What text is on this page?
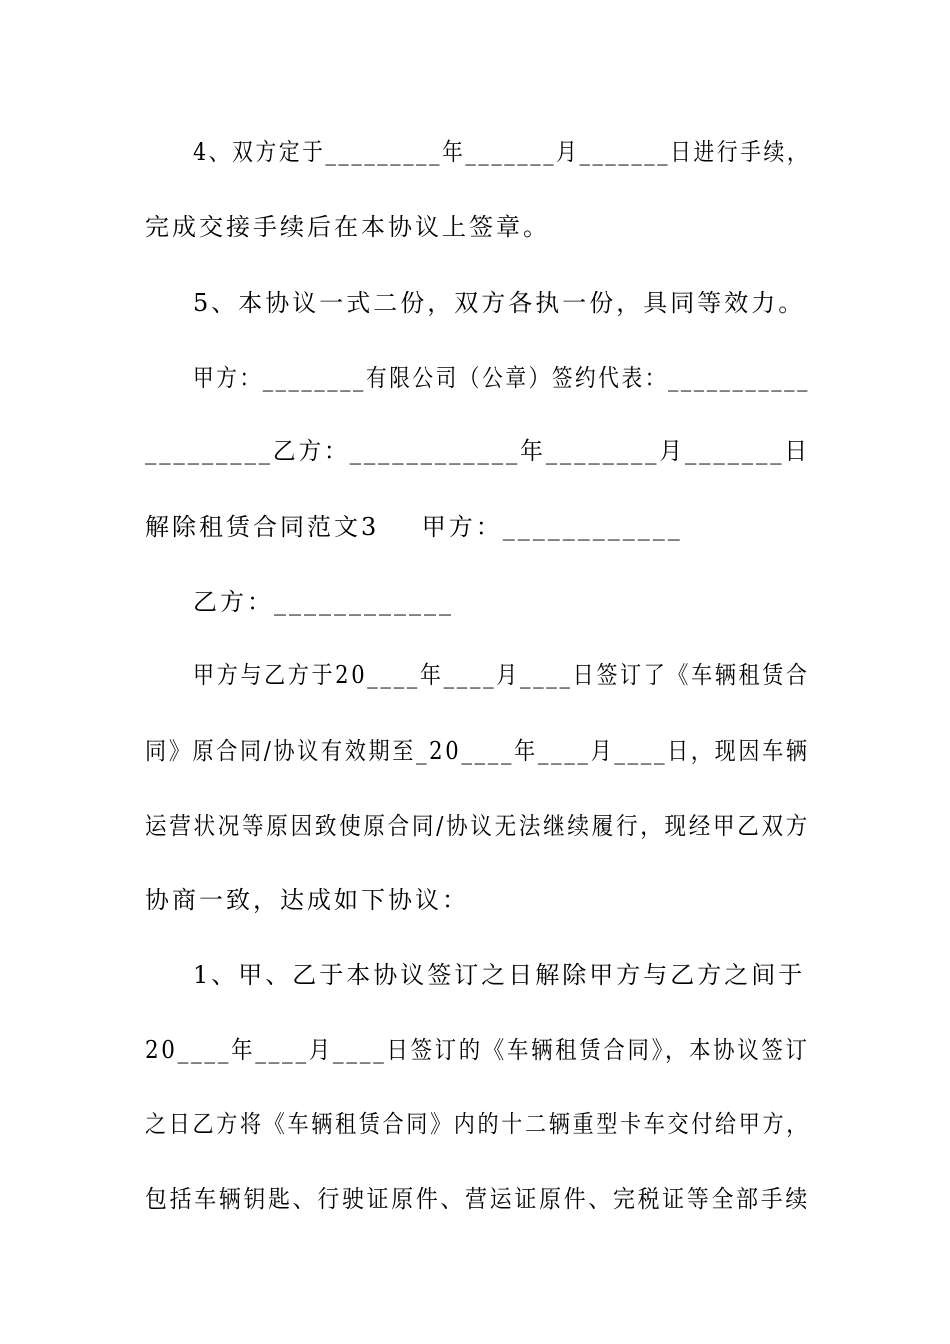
4、双方定于_________年_______月_______日进行手续，
完成交接手续后在本协议上签章。
5、本协议一式二份，双方各执一份，具同等效力。
甲方：________有限公司（公章）签约代表：___________
_________乙方：____________年________月_______日
解除租赁合同范文3    甲方：____________
乙方：____________
甲方与乙方于20____年____月____日签订了《车辆租赁合
同》原合同/协议有效期至_20____年____月____日，现因车辆
运营状况等原因致使原合同/协议无法继续履行，现经甲乙双方
协商一致，达成如下协议：
1、甲、乙于本协议签订之日解除甲方与乙方之间于
20____年____月____日签订的《车辆租赁合同》，本协议签订
之日乙方将《车辆租赁合同》内的十二辆重型卡车交付给甲方，
包括车辆钥匙、行驶证原件、营运证原件、完税证等全部手续
